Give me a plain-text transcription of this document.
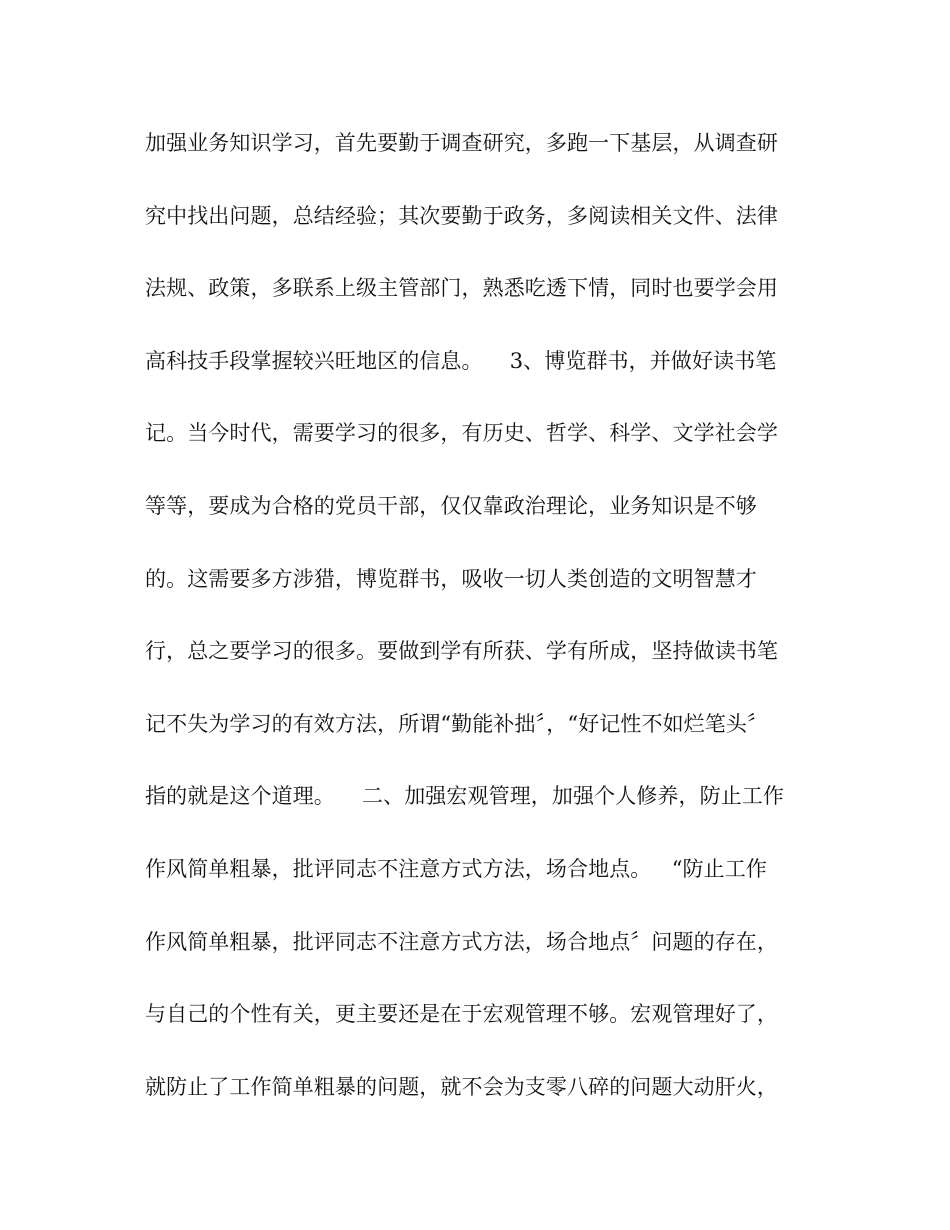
加强业务知识学习，首先要勤于调查研究，多跑一下基层，从调查研
究中找出问题，总结经验；其次要勤于政务，多阅读相关文件、法律
法规、政策，多联系上级主管部门，熟悉吃透下情，同时也要学会用
高科技手段掌握较兴旺地区的信息。    3、博览群书，并做好读书笔
记。当今时代，需要学习的很多，有历史、哲学、科学、文学社会学
等等，要成为合格的党员干部，仅仅靠政治理论，业务知识是不够
的。这需要多方涉猎，博览群书，吸收一切人类创造的文明智慧才
行，总之要学习的很多。要做到学有所获、学有所成，坚持做读书笔
记不失为学习的有效方法，所谓“勤能补拙〞，“好记性不如烂笔头〞
指的就是这个道理。    二、加强宏观管理，加强个人修养，防止工作
作风简单粗暴，批评同志不注意方式方法，场合地点。   “防止工作
作风简单粗暴，批评同志不注意方式方法，场合地点〞问题的存在，
与自己的个性有关，更主要还是在于宏观管理不够。宏观管理好了，
就防止了工作简单粗暴的问题，就不会为支零八碎的问题大动肝火，
